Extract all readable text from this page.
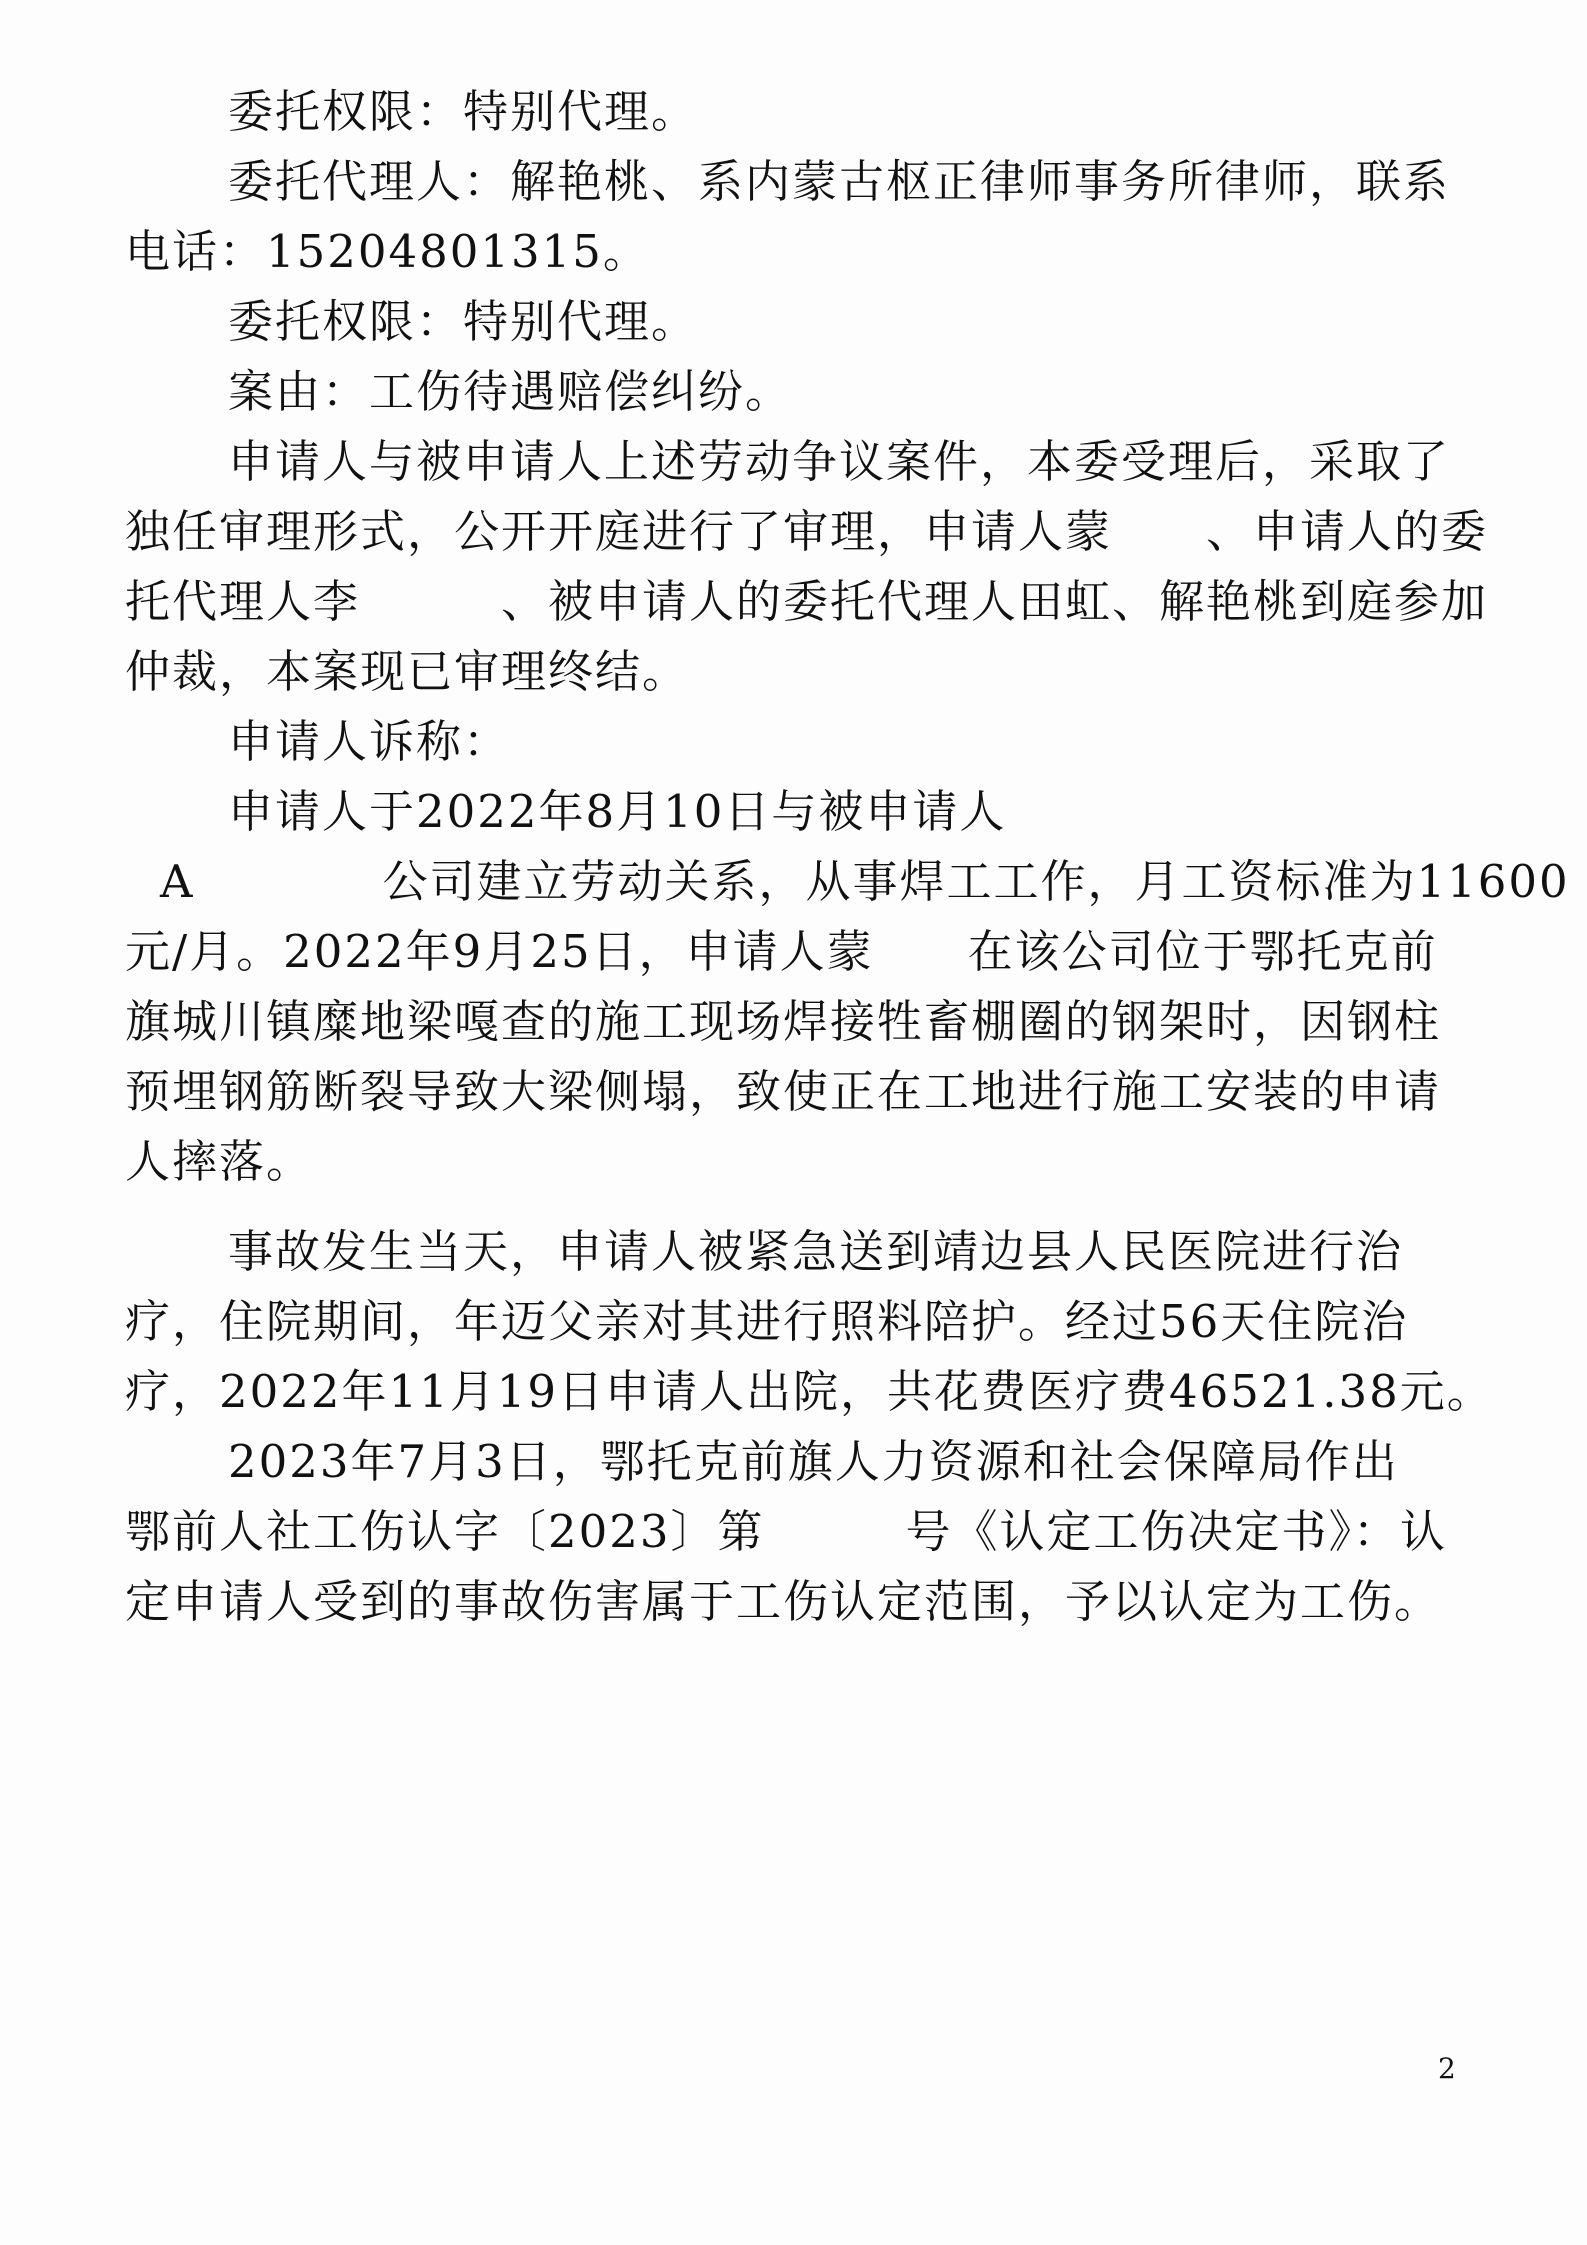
委托权限：特别代理。
委托代理人：解艳桃、系内蒙古枢正律师事务所律师，联系
电话：15204801315。
委托权限：特别代理。
案由：工伤待遇赔偿纠纷。
申请人与被申请人上述劳动争议案件，本委受理后，采取了
独任审理形式，公开开庭进行了审理，申请人蒙　　、申请人的委
托代理人李　　　、被申请人的委托代理人田虹、解艳桃到庭参加
仲裁，本案现已审理终结。
申请人诉称：
申请人于2022年8月10日与被申请人
A　　　　公司建立劳动关系，从事焊工工作，月工资标准为11600
元/月。2022年9月25日，申请人蒙　　在该公司位于鄂托克前
旗城川镇糜地梁嘎查的施工现场焊接牲畜棚圈的钢架时，因钢柱
预埋钢筋断裂导致大梁侧塌，致使正在工地进行施工安装的申请
人摔落。
事故发生当天，申请人被紧急送到靖边县人民医院进行治
疗，住院期间，年迈父亲对其进行照料陪护。经过56天住院治
疗，2022年11月19日申请人出院，共花费医疗费46521.38元。
2023年7月3日，鄂托克前旗人力资源和社会保障局作出
鄂前人社工伤认字〔2023〕第　　　号《认定工伤决定书》：认
定申请人受到的事故伤害属于工伤认定范围，予以认定为工伤。
2
